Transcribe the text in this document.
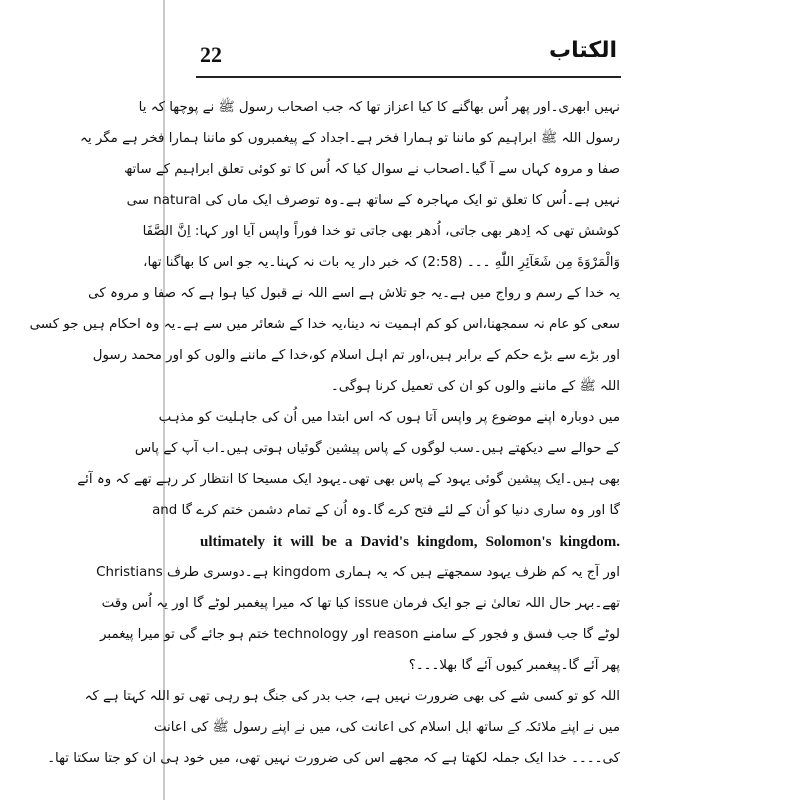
22	الکتاب
نہیں ابھری۔اور پھر اُس بھاگنے کا کیا اعزاز تھا کہ جب اصحاب رسول ﷺ نے پوچھا کہ یا
رسول اللہ ﷺ ابراہیم کو ماننا تو ہمارا فخر ہے۔اجداد کے پیغمبروں کو ماننا ہمارا فخر ہے مگر یہ
صفا و مروہ کہاں سے آ گیا۔اصحاب نے سوال کیا کہ اُس کا تو کوئی تعلق ابراہیم کے ساتھ
نہیں ہے۔اُس کا تعلق تو ایک مہاجرہ کے ساتھ ہے۔وہ توصرف ایک ماں کی natural سی
کوشش تھی کہ اِدھر بھی جاتی، اُدھر بھی جاتی تو خدا فوراً واپس آیا اور کہا: اِنَّ الصَّفَا
وَالْمَرْوَةَ مِن شَعَآئِرِ اللّٰهِ ۔۔۔ (2:58) کہ خبر دار یہ بات نہ کہنا۔یہ جو اس کا بھاگنا تھا،
یہ خدا کے رسم و رواج میں ہے۔یہ جو تلاش ہے اسے اللہ نے قبول کیا ہوا ہے کہ صفا و مروہ کی
سعی کو عام نہ سمجھنا،اس کو کم اہمیت نہ دینا،یہ خدا کے شعائر میں سے ہے۔یہ وہ احکام ہیں جو کسی
اور بڑے سے بڑے حکم کے برابر ہیں،اور تم اہل اسلام کو،خدا کے ماننے والوں کو اور محمد رسول
اللہ ﷺ کے ماننے والوں کو ان کی تعمیل کرنا ہوگی۔
میں دوبارہ اپنے موضوع پر واپس آتا ہوں کہ اس ابتدا میں اُن کی جاہلیت کو مذہب
کے حوالے سے دیکھتے ہیں۔سب لوگوں کے پاس پیشین گوئیاں ہوتی ہیں۔اب آپ کے پاس
بھی ہیں۔ایک پیشین گوئی یہود کے پاس بھی تھی۔یہود ایک مسیحا کا انتظار کر رہے تھے کہ وہ آئے
گا اور وہ ساری دنیا کو اُن کے لئے فتح کرے گا۔وہ اُن کے تمام دشمن ختم کرے گا and
ultimately it will be a David's kingdom, Solomon's kingdom.
اور آج یہ کم ظرف یہود سمجھتے ہیں کہ یہ ہماری kingdom ہے۔دوسری طرف Christians
تھے۔بہر حال اللہ تعالیٰ نے جو ایک فرمان issue کیا تھا کہ میرا پیغمبر لوٹے گا اور یہ اُس وقت
لوٹے گا جب فسق و فجور کے سامنے reason اور technology ختم ہو جائے گی تو میرا پیغمبر
پھر آئے گا۔پیغمبر کیوں آئے گا بھلا۔۔۔؟
اللہ کو تو کسی شے کی بھی ضرورت نہیں ہے، جب بدر کی جنگ ہو رہی تھی تو اللہ کہتا ہے کہ
میں نے اپنے ملائکہ کے ساتھ اہل اسلام کی اعانت کی، میں نے اپنے رسول ﷺ کی اعانت
کی۔۔۔۔ خدا ایک جملہ لکھتا ہے کہ مجھے اس کی ضرورت نہیں تھی، میں خود ہی ان کو جتا سکتا تھا۔
